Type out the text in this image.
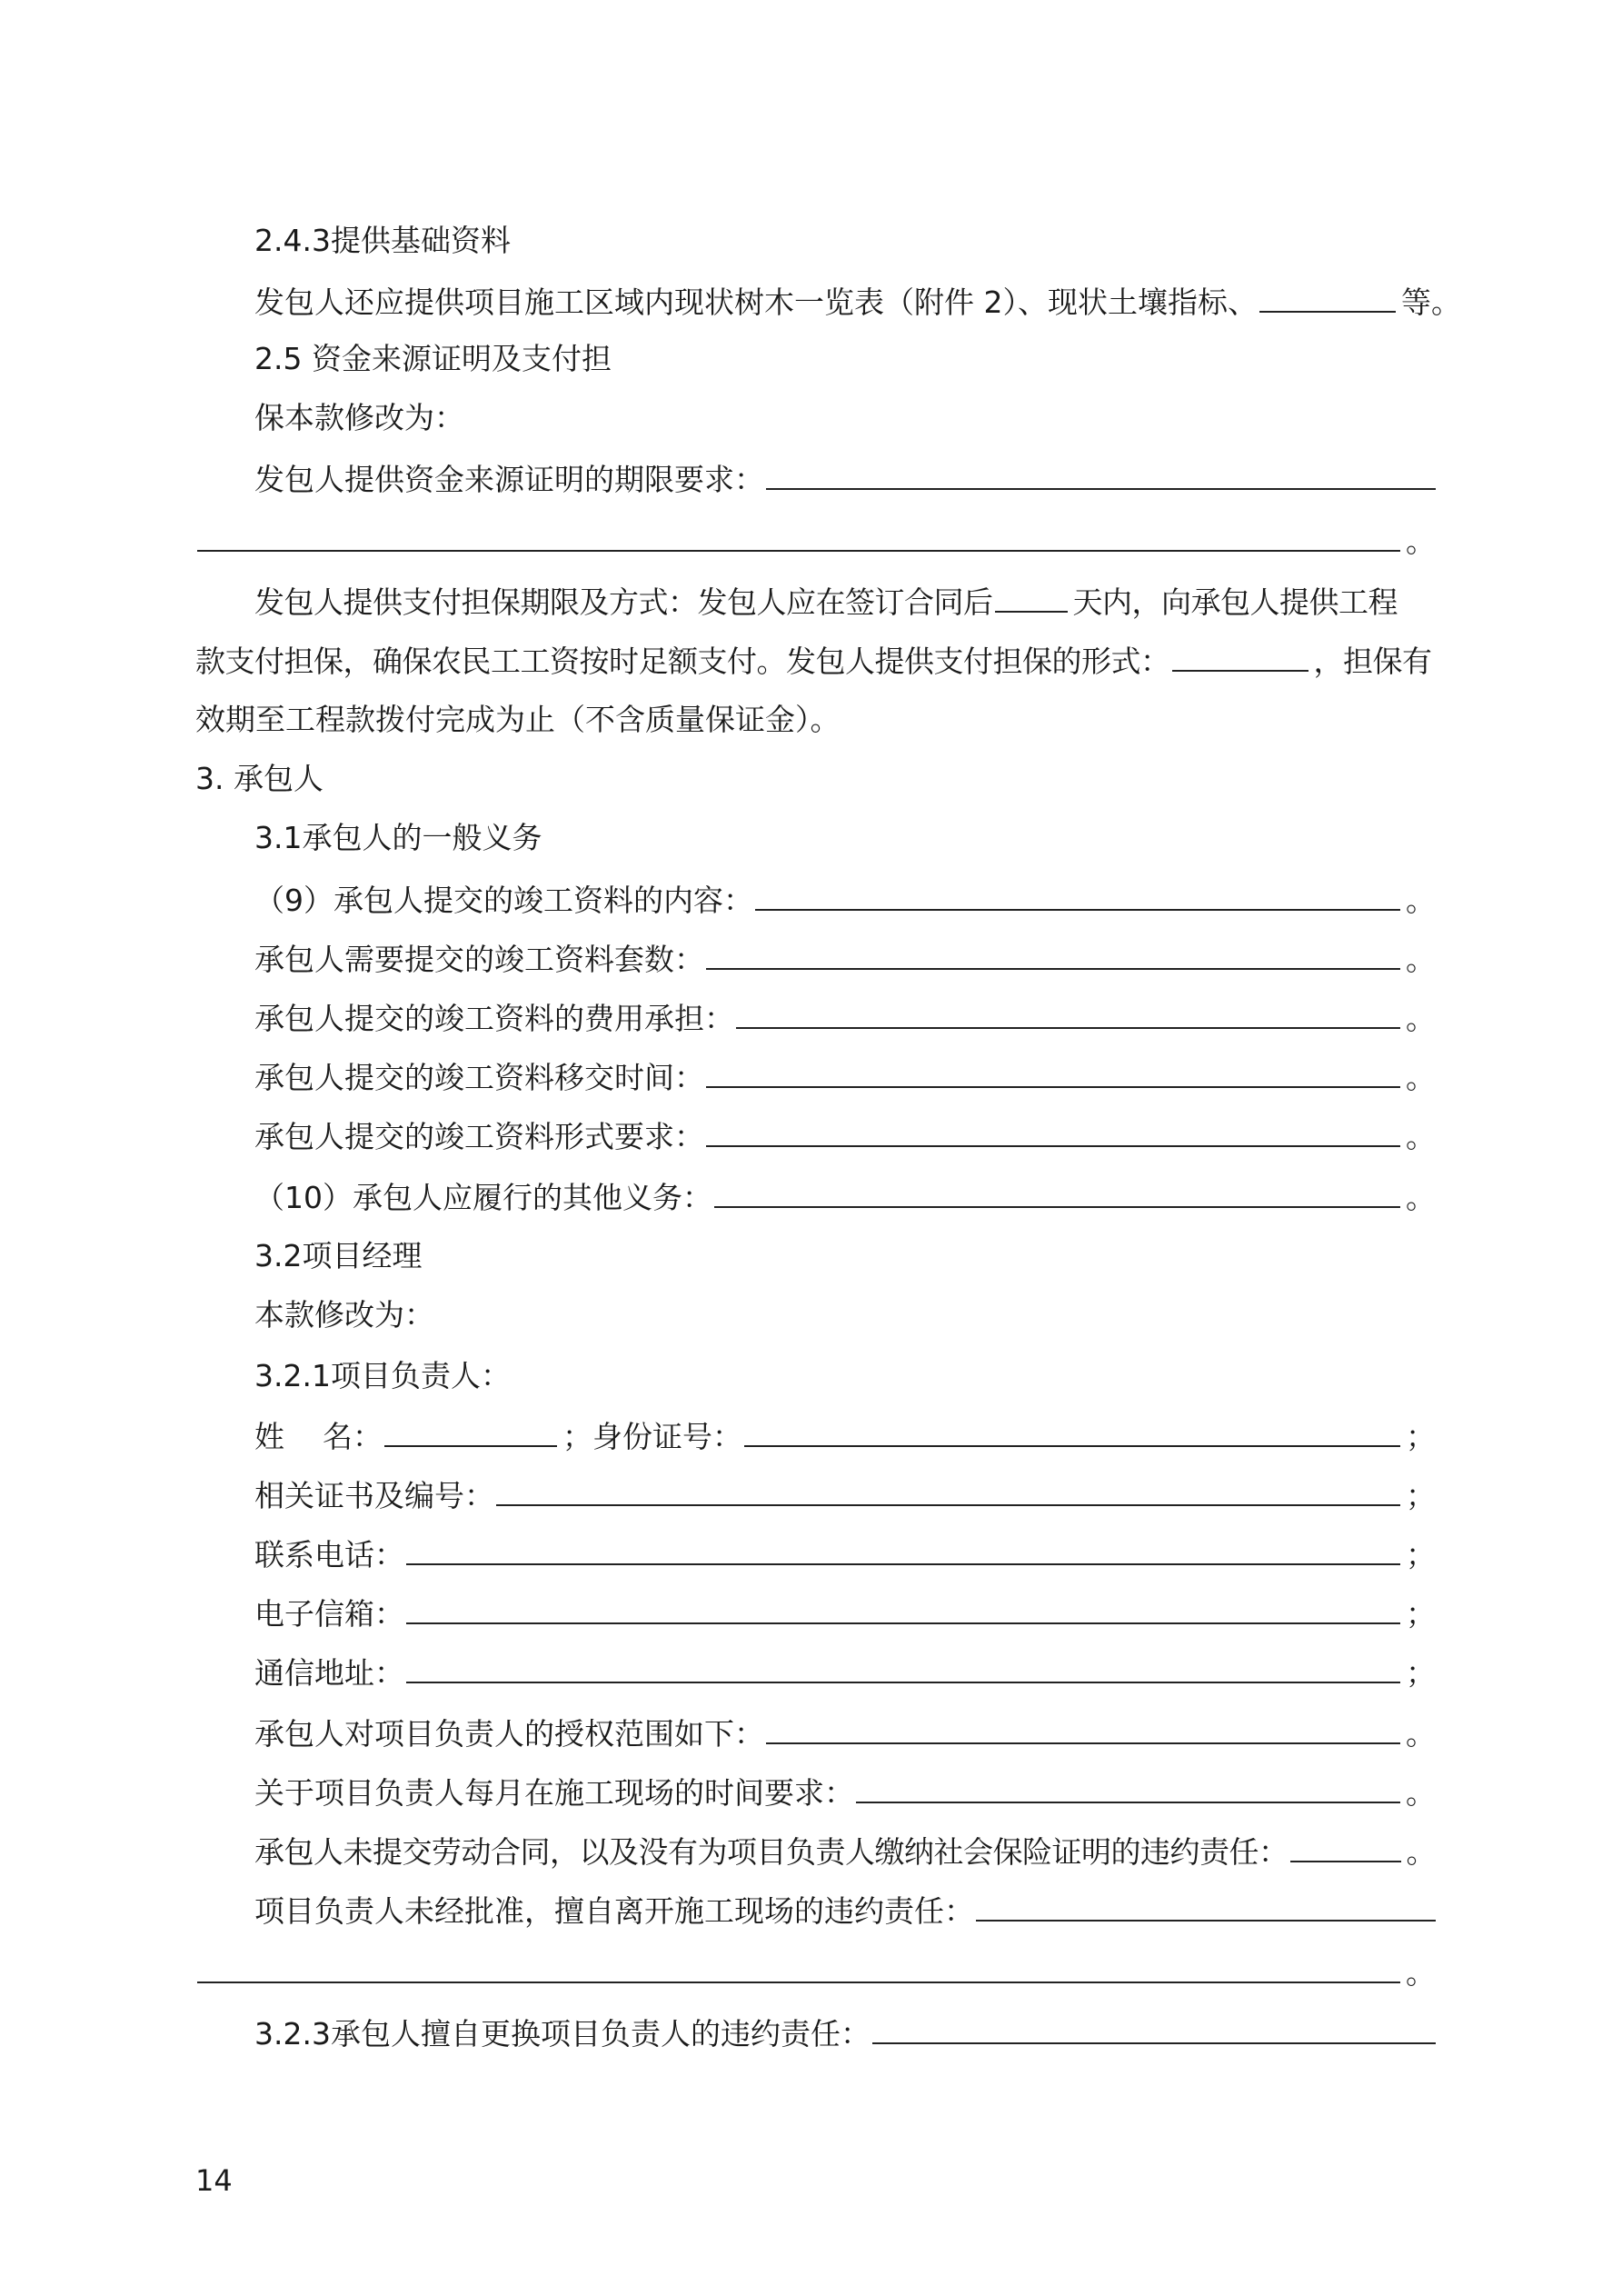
2.4.3提供基础资料
发包人还应提供项目施工区域内现状树木一览表（附件 2）、现状土壤指标、	等。
2.5 资金来源证明及支付担
保本款修改为：
发包人提供资金来源证明的期限要求：
。
发包人提供支付担保期限及方式：发包人应在签订合同后	天内，向承包人提供工程
款支付担保，确保农民工工资按时足额支付。发包人提供支付担保的形式：	，担保有
效期至工程款拨付完成为止（不含质量保证金）。
3. 承包人
3.1承包人的一般义务
（9）承包人提交的竣工资料的内容：	。
承包人需要提交的竣工资料套数：	。
承包人提交的竣工资料的费用承担：	。
承包人提交的竣工资料移交时间：	。
承包人提交的竣工资料形式要求：	。
（10）承包人应履行的其他义务：	。
3.2项目经理
本款修改为：
3.2.1项目负责人：
姓    名：	；身份证号：	；
相关证书及编号：	；
联系电话：	；
电子信箱：	；
通信地址：	；
承包人对项目负责人的授权范围如下：	。
关于项目负责人每月在施工现场的时间要求：	。
承包人未提交劳动合同，以及没有为项目负责人缴纳社会保险证明的违约责任：	。
项目负责人未经批准，擅自离开施工现场的违约责任：
。
3.2.3承包人擅自更换项目负责人的违约责任：
14
